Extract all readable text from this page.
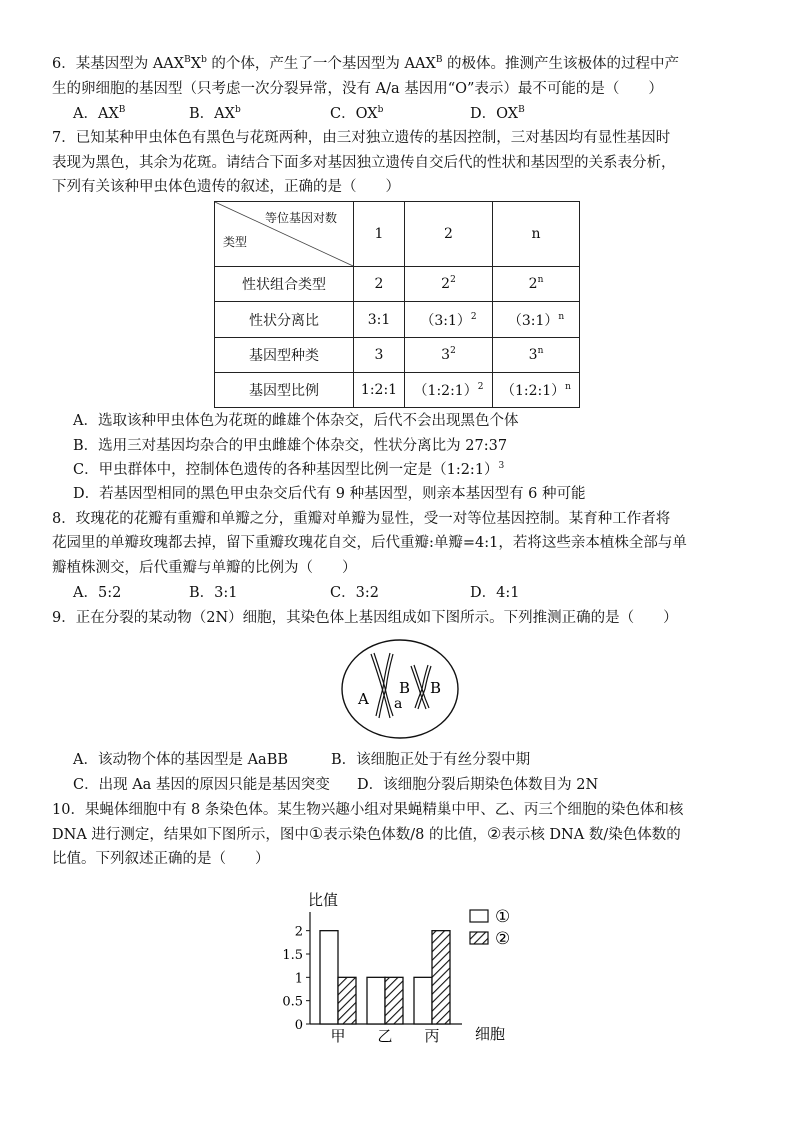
6．某基因型为 $AAX^BX^b$ 的个体，产生了一个基因型为 $AAX^B$ 的极体。推测产生该极体的过程中产
生的卵细胞的基因型（只考虑一次分裂异常，没有 A/a 基因用“O”表示）最不可能的是（　　）
A．$AX^B$	B．$AX^b$	C．$OX^b$	D．$OX^B$
7．已知某种甲虫体色有黑色与花斑两种，由三对独立遗传的基因控制，三对基因均有显性基因时
表现为黑色，其余为花斑。请结合下面多对基因独立遗传自交后代的性状和基因型的关系表分析，
下列有关该种甲虫体色遗传的叙述，正确的是（　　）
等位基因对数
类型	1	2	n
性状组合类型	2	$2^2$	2$^n$
性状分离比	3:1	（3:1）$^2$	（3:1）$^n$
基因型种类	3	$3^2$	3$^n$
基因型比例	1:2:1	（1:2:1）$^2$	（1:2:1）$^n$
A．选取该种甲虫体色为花斑的雌雄个体杂交，后代不会出现黑色个体
B．选用三对基因均杂合的甲虫雌雄个体杂交，性状分离比为 27:37
C．甲虫群体中，控制体色遗传的各种基因型比例一定是（1:2:1）$^3$
D．若基因型相同的黑色甲虫杂交后代有 9 种基因型，则亲本基因型有 6 种可能
8．玫瑰花的花瓣有重瓣和单瓣之分，重瓣对单瓣为显性，受一对等位基因控制。某育种工作者将
花园里的单瓣玫瑰都去掉，留下重瓣玫瑰花自交，后代重瓣:单瓣=4:1，若将这些亲本植株全部与单
瓣植株测交，后代重瓣与单瓣的比例为（　　）
A．5:2	B．3:1	C．3:2	D．4:1
9．正在分裂的某动物（2N）细胞，其染色体上基因组成如下图所示。下列推测正确的是（　　）
A a
B B
A．该动物个体的基因型是 AaBB	B．该细胞正处于有丝分裂中期
C．出现 Aa 基因的原因只能是基因突变 D．该细胞分裂后期染色体数目为 2N
10．果蝇体细胞中有 8 条染色体。某生物兴趣小组对果蝇精巢中甲、乙、丙三个细胞的染色体和核
DNA 进行测定，结果如下图所示，图中①表示染色体数/8 的比值，②表示核 DNA 数/染色体数的
比值。下列叙述正确的是（　　）
比值
细胞
0
0.5
1
1.5
2
甲 乙 丙
①
②
